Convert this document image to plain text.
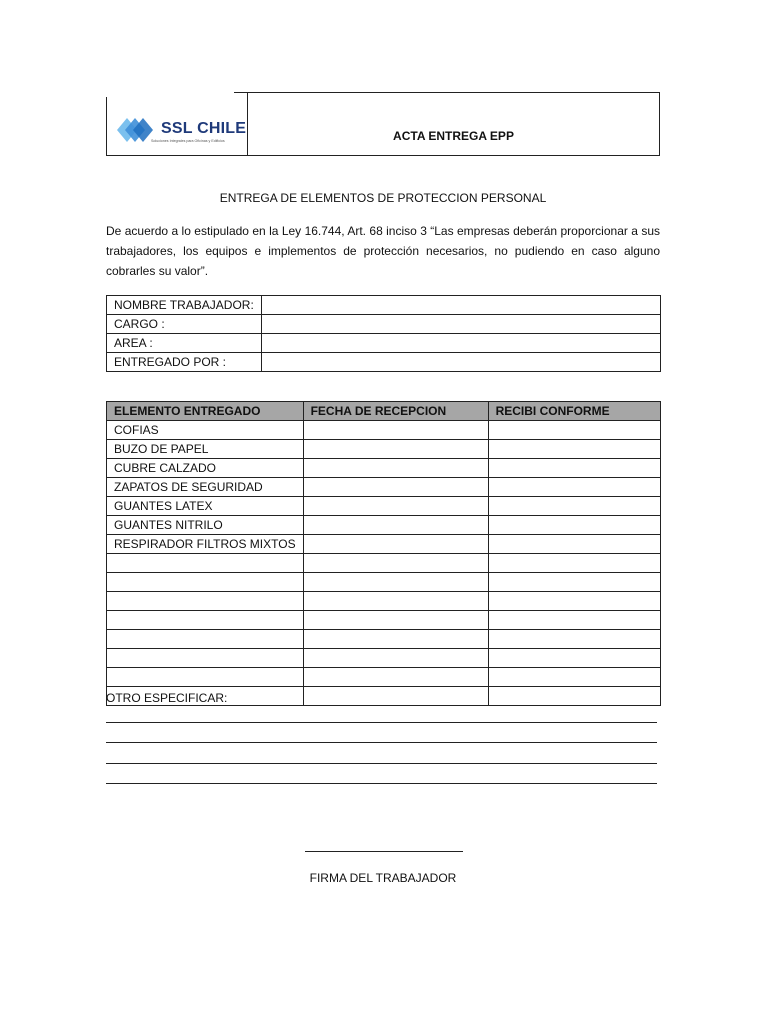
SSL CHILE
Soluciones Integrales para Oficinas y Edificios	ACTA ENTREGA EPP
ENTREGA DE ELEMENTOS DE PROTECCION PERSONAL
De acuerdo a lo estipulado en la Ley 16.744, Art. 68 inciso 3 “Las empresas deberán proporcionar a sus trabajadores, los equipos e implementos de protección necesarios, no pudiendo en caso alguno cobrarles su valor”.
NOMBRE TRABAJADOR:	
CARGO :	
AREA :	
ENTREGADO POR :	
ELEMENTO ENTREGADO	FECHA DE RECEPCION	RECIBI CONFORME
COFIAS		
BUZO DE PAPEL		
CUBRE CALZADO		
ZAPATOS DE SEGURIDAD		
GUANTES LATEX		
GUANTES NITRILO		
RESPIRADOR FILTROS MIXTOS		

OTRO ESPECIFICAR:
FIRMA DEL TRABAJADOR
